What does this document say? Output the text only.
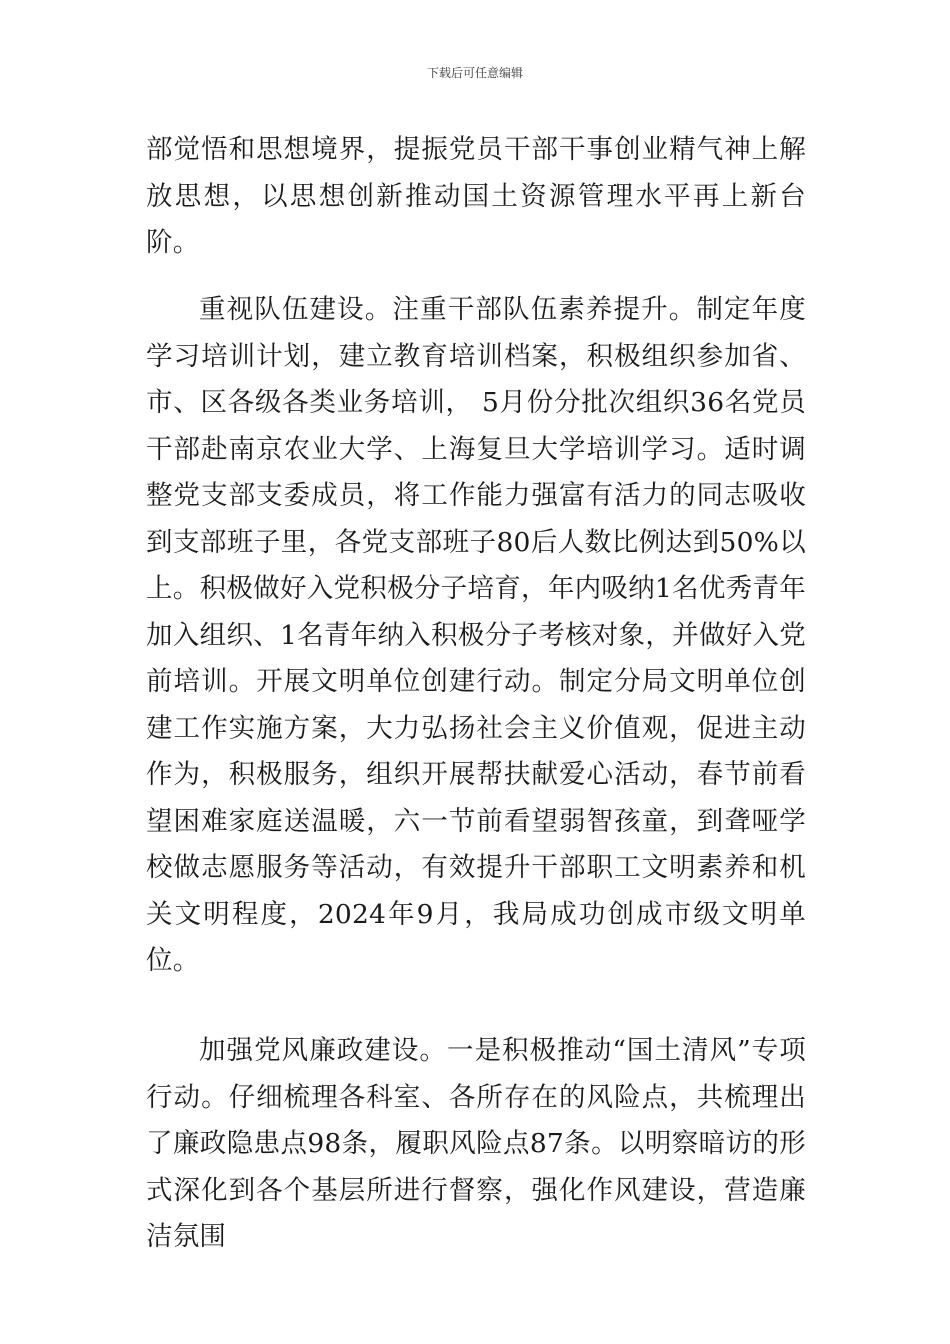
下载后可任意编辑

部觉悟和思想境界，提振党员干部干事创业精气神上解放思想，以思想创新推动国土资源管理水平再上新台阶。

重视队伍建设。注重干部队伍素养提升。制定年度学习培训计划，建立教育培训档案，积极组织参加省、市、区各级各类业务培训， 5月份分批次组织36名党员干部赴南京农业大学、上海复旦大学培训学习。适时调整党支部支委成员，将工作能力强富有活力的同志吸收到支部班子里，各党支部班子80后人数比例达到50%以上。积极做好入党积极分子培育，年内吸纳1名优秀青年加入组织、1名青年纳入积极分子考核对象，并做好入党前培训。开展文明单位创建行动。制定分局文明单位创建工作实施方案，大力弘扬社会主义价值观，促进主动作为，积极服务，组织开展帮扶献爱心活动，春节前看望困难家庭送温暖，六一节前看望弱智孩童，到聋哑学校做志愿服务等活动，有效提升干部职工文明素养和机关文明程度，2024年9月，我局成功创成市级文明单位。

加强党风廉政建设。一是积极推动“国土清风”专项行动。仔细梳理各科室、各所存在的风险点，共梳理出了廉政隐患点98条，履职风险点87条。以明察暗访的形式深化到各个基层所进行督察，强化作风建设，营造廉洁氛围
